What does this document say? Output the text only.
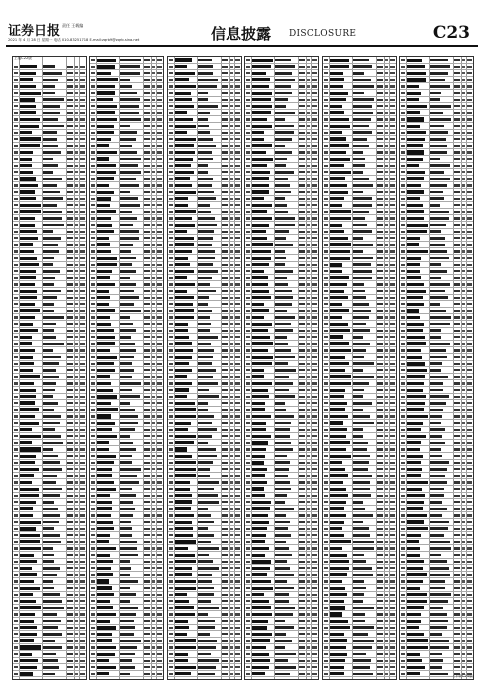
证券日报 责任 王载编
2021 年 4 月 28 日 星期一 电话 010-83251718 E-mail:zqrb9@zqrb.sina.net	信息披露 DISCLOSURE	C23
上接C22版
(下转C24版)
